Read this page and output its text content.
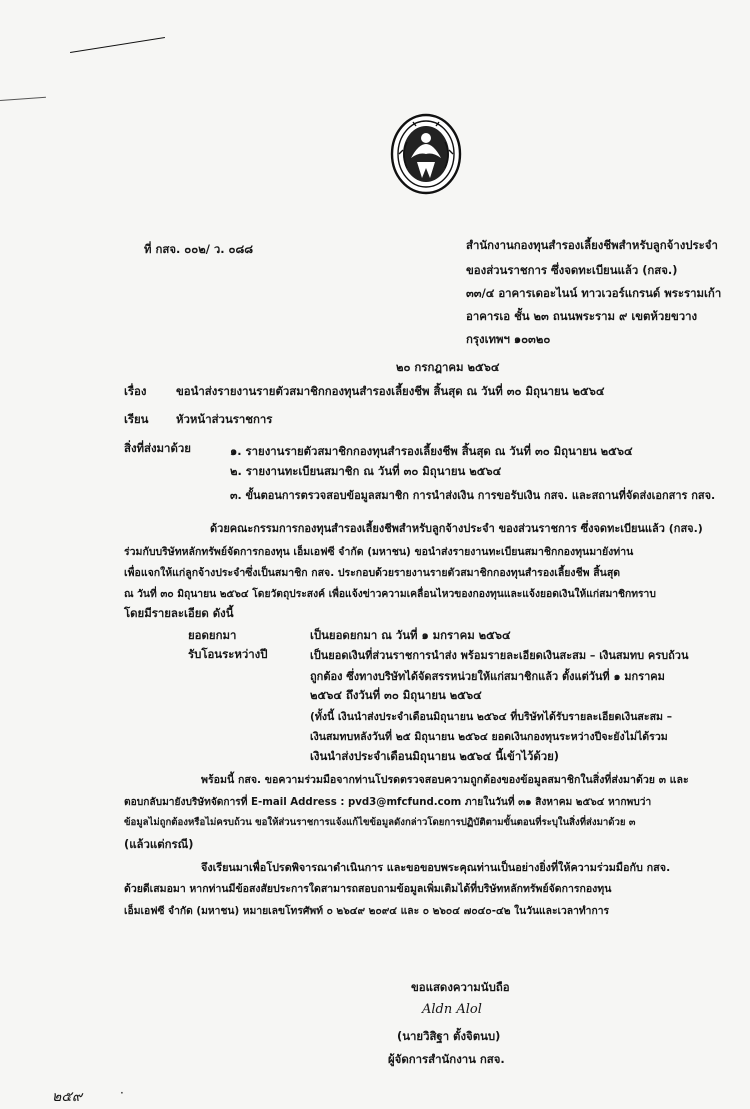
ที่ กสจ. ๐๐๒/ ว. ๐๘๘	สำนักงานกองทุนสำรองเลี้ยงชีพสำหรับลูกจ้างประจำ
ของส่วนราชการ ซึ่งจดทะเบียนแล้ว (กสจ.)
๓๓/๔ อาคารเดอะไนน์ ทาวเวอร์แกรนด์ พระรามเก้า
อาคารเอ ชั้น ๒๓ ถนนพระราม ๙ เขตห้วยขวาง
กรุงเทพฯ ๑๐๓๒๐
๒๐ กรกฎาคม ๒๕๖๔
เรื่อง	ขอนำส่งรายงานรายตัวสมาชิกกองทุนสำรองเลี้ยงชีพ สิ้นสุด ณ วันที่ ๓๐ มิถุนายน ๒๕๖๔
เรียน หัวหน้าส่วนราชการ
สิ่งที่ส่งมาด้วย	๑. รายงานรายตัวสมาชิกกองทุนสำรองเลี้ยงชีพ สิ้นสุด ณ วันที่ ๓๐ มิถุนายน ๒๕๖๔
๒. รายงานทะเบียนสมาชิก ณ วันที่ ๓๐ มิถุนายน ๒๕๖๔
๓. ขั้นตอนการตรวจสอบข้อมูลสมาชิก การนำส่งเงิน การขอรับเงิน กสจ. และสถานที่จัดส่งเอกสาร กสจ.
ด้วยคณะกรรมการกองทุนสำรองเลี้ยงชีพสำหรับลูกจ้างประจำ ของส่วนราชการ ซึ่งจดทะเบียนแล้ว (กสจ.)
ร่วมกับบริษัทหลักทรัพย์จัดการกองทุน เอ็มเอฟซี จำกัด (มหาชน) ขอนำส่งรายงานทะเบียนสมาชิกกองทุนมายังท่าน
เพื่อแจกให้แก่ลูกจ้างประจำซึ่งเป็นสมาชิก กสจ. ประกอบด้วยรายงานรายตัวสมาชิกกองทุนสำรองเลี้ยงชีพ สิ้นสุด
ณ วันที่ ๓๐ มิถุนายน ๒๕๖๔ โดยวัตถุประสงค์ เพื่อแจ้งข่าวความเคลื่อนไหวของกองทุนและแจ้งยอดเงินให้แก่สมาชิกทราบ
โดยมีรายละเอียด ดังนี้
ยอดยกมา	เป็นยอดยกมา ณ วันที่ ๑ มกราคม ๒๕๖๔
รับโอนระหว่างปี	เป็นยอดเงินที่ส่วนราชการนำส่ง พร้อมรายละเอียดเงินสะสม – เงินสมทบ ครบถ้วน
ถูกต้อง ซึ่งทางบริษัทได้จัดสรรหน่วยให้แก่สมาชิกแล้ว ตั้งแต่วันที่ ๑ มกราคม
๒๕๖๔ ถึงวันที่ ๓๐ มิถุนายน ๒๕๖๔
(ทั้งนี้ เงินนำส่งประจำเดือนมิถุนายน ๒๕๖๔ ที่บริษัทได้รับรายละเอียดเงินสะสม –
เงินสมทบหลังวันที่ ๒๕ มิถุนายน ๒๕๖๔ ยอดเงินกองทุนระหว่างปีจะยังไม่ได้รวม
เงินนำส่งประจำเดือนมิถุนายน ๒๕๖๔ นี้เข้าไว้ด้วย)
พร้อมนี้ กสจ. ขอความร่วมมือจากท่านโปรดตรวจสอบความถูกต้องของข้อมูลสมาชิกในสิ่งที่ส่งมาด้วย ๓ และ
ตอบกลับมายังบริษัทจัดการที่ E-mail Address : pvd3@mfcfund.com ภายในวันที่ ๓๑ สิงหาคม ๒๕๖๔ หากพบว่า
ข้อมูลไม่ถูกต้องหรือไม่ครบถ้วน ขอให้ส่วนราชการแจ้งแก้ไขข้อมูลดังกล่าวโดยการปฏิบัติตามขั้นตอนที่ระบุในสิ่งที่ส่งมาด้วย ๓
(แล้วแต่กรณี)
จึงเรียนมาเพื่อโปรดพิจารณาดำเนินการ และขอขอบพระคุณท่านเป็นอย่างยิ่งที่ให้ความร่วมมือกับ กสจ.
ด้วยดีเสมอมา หากท่านมีข้อสงสัยประการใดสามารถสอบถามข้อมูลเพิ่มเติมได้ที่บริษัทหลักทรัพย์จัดการกองทุน
เอ็มเอฟซี จำกัด (มหาชน) หมายเลขโทรศัพท์ ๐ ๒๖๔๙ ๒๐๙๔ และ ๐ ๒๖๐๔ ๗๐๔๐-๔๒ ในวันและเวลาทำการ
ขอแสดงความนับถือ
Aldn Alol
(นายวิสิฐา ตั้งจิตนบ)
ผู้จัดการสำนักงาน กสจ.
๒๕๙	·
